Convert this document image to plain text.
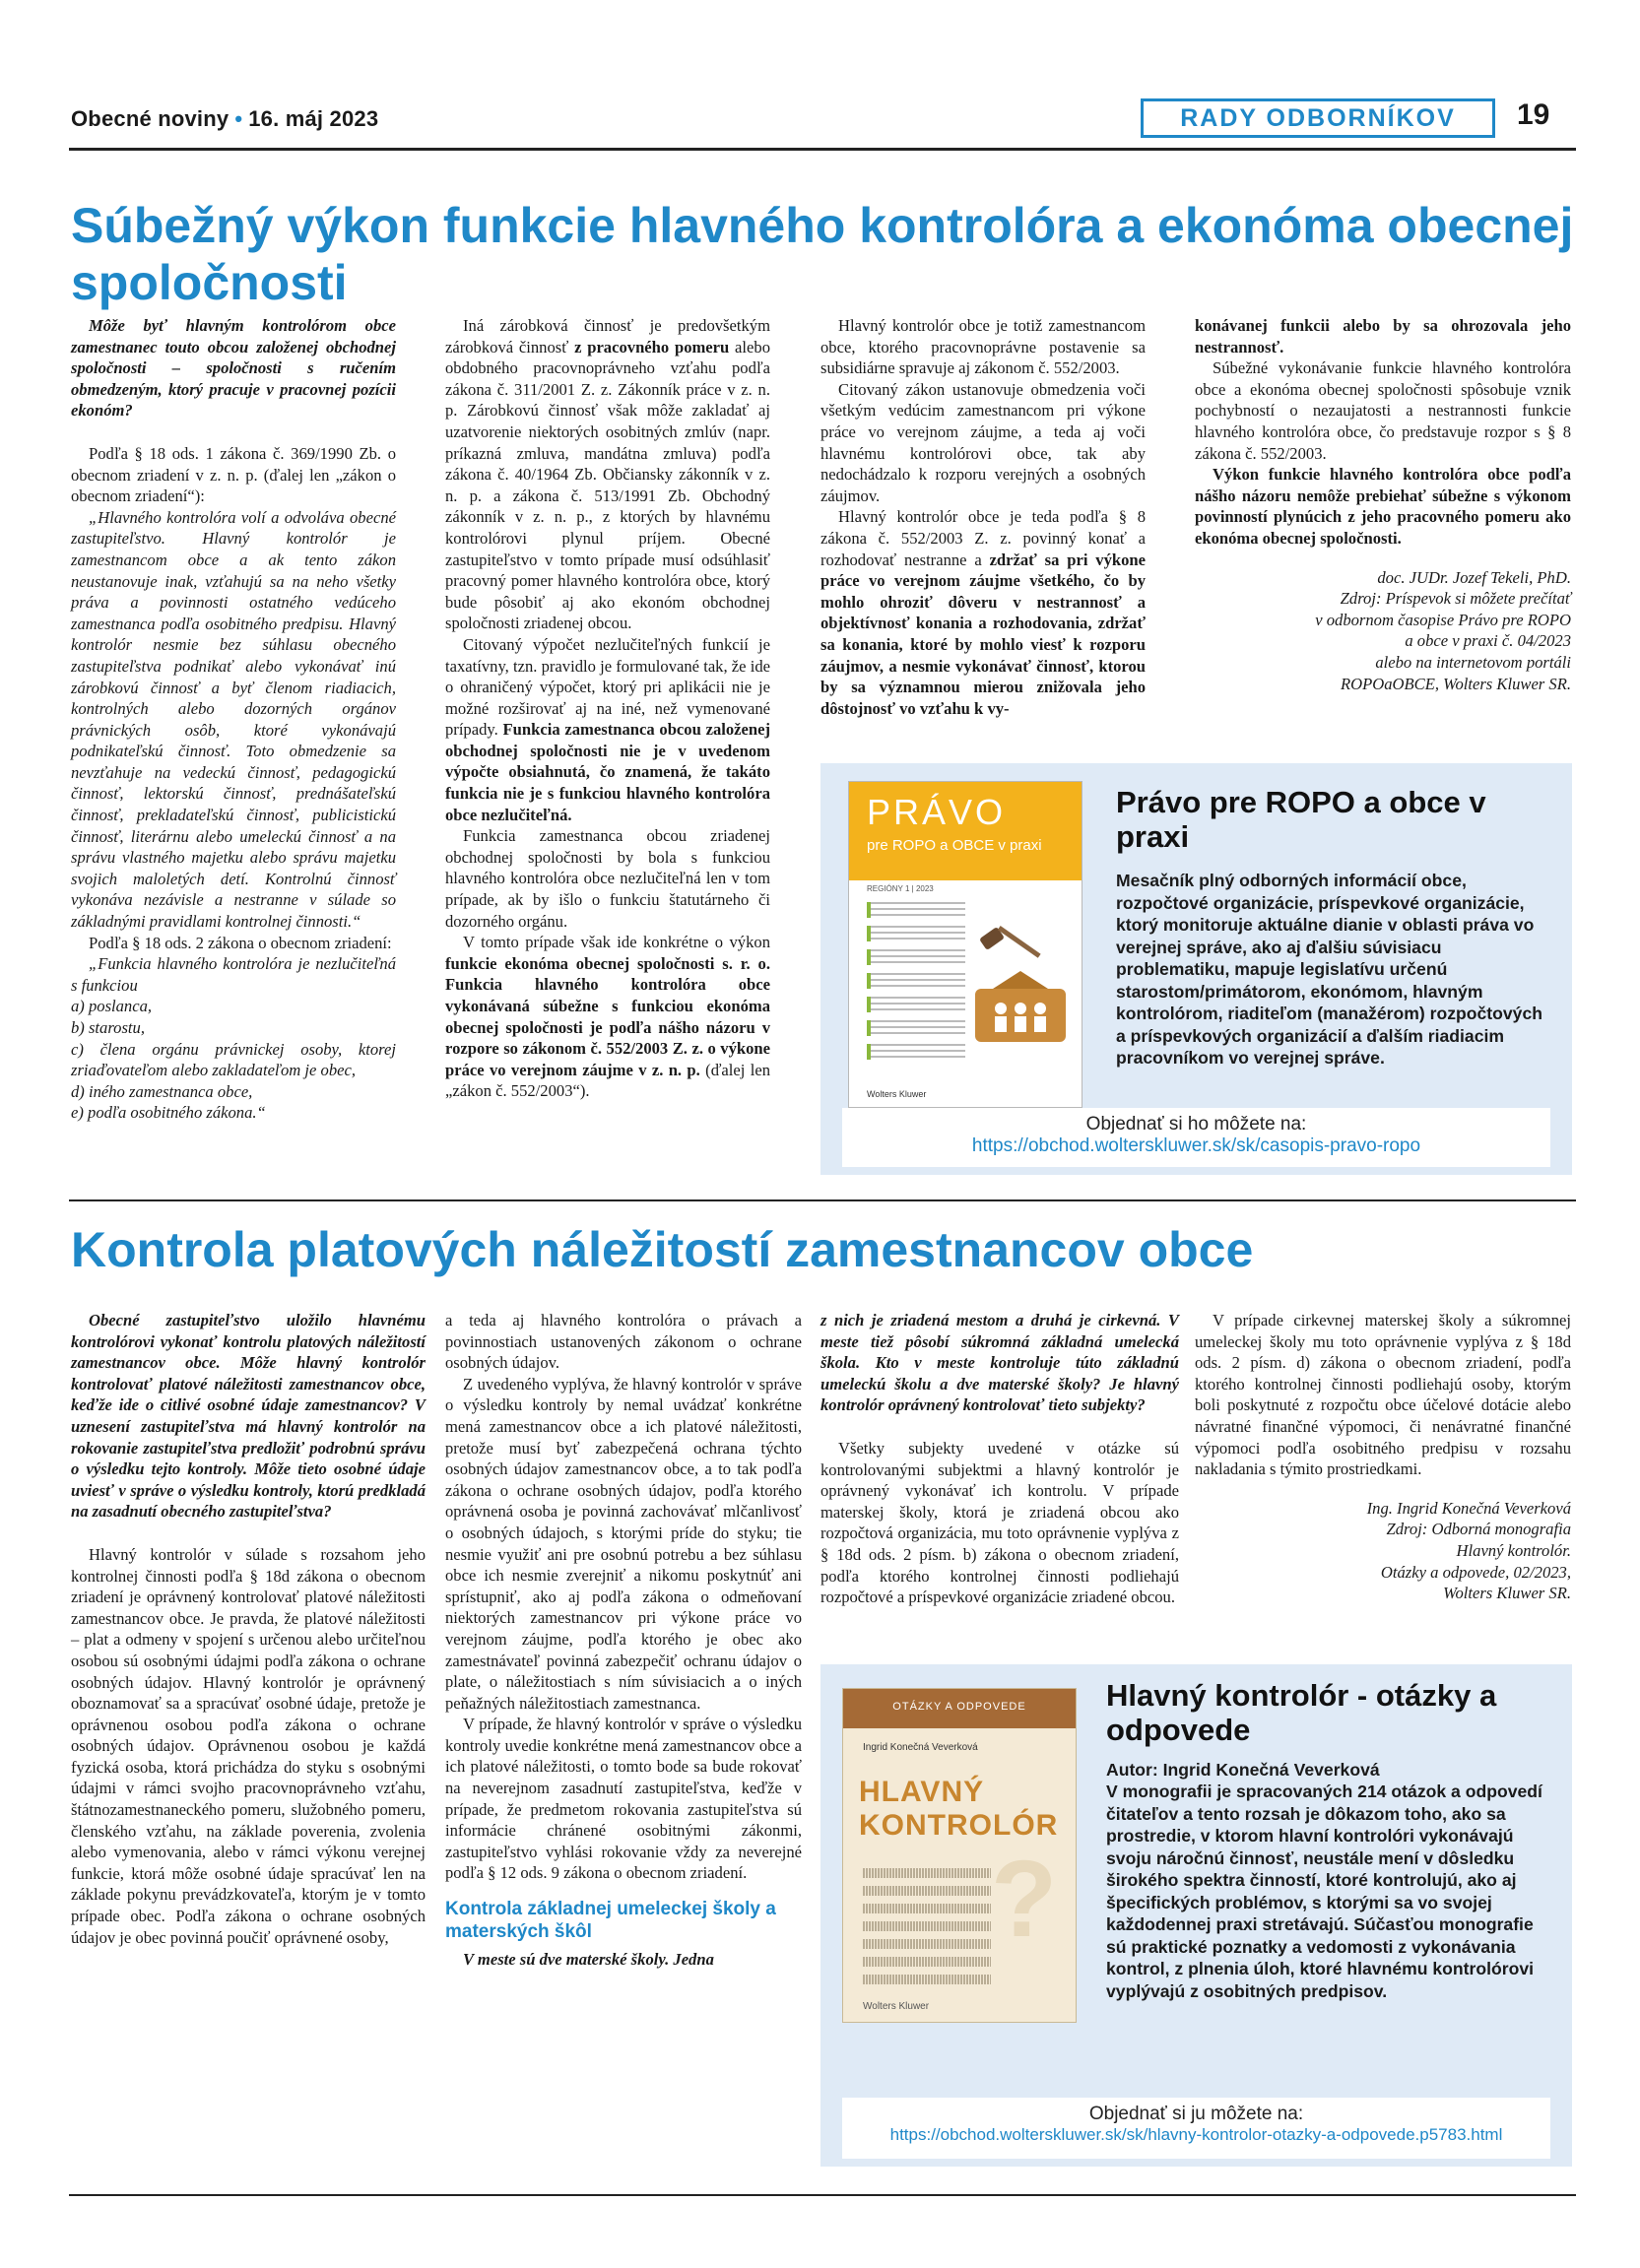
Obecné noviny • 16. máj 2023	RADY ODBORNÍKOV	19
Súbežný výkon funkcie hlavného kontrolóra a ekonóma obecnej spoločnosti

Môže byť hlavným kontrolórom obce zamestnanec touto obcou založenej obchodnej spoločnosti – spoločnosti s ručením obmedzeným, ktorý pracuje v pracovnej pozícii ekonóm?

Podľa § 18 ods. 1 zákona č. 369/1990 Zb. o obecnom zriadení v z. n. p. (ďalej len „zákon o obecnom zriadení“):

„Hlavného kontrolóra volí a odvoláva obecné zastupiteľstvo. Hlavný kontrolór je zamestnancom obce a ak tento zákon neustanovuje inak, vzťahujú sa na neho všetky práva a povinnosti ostatného vedúceho zamestnanca podľa osobitného predpisu. Hlavný kontrolór nesmie bez súhlasu obecného zastupiteľstva podnikať alebo vykonávať inú zárobkovú činnosť a byť členom riadiacich, kontrolných alebo dozorných orgánov právnických osôb, ktoré vykonávajú podnikateľskú činnosť. Toto obmedzenie sa nevzťahuje na vedeckú činnosť, pedagogickú činnosť, lektorskú činnosť, prednášateľskú činnosť, prekladateľskú činnosť, publicistickú činnosť, literárnu alebo umeleckú činnosť a na správu vlastného majetku alebo správu majetku svojich maloletých detí. Kontrolnú činnosť vykonáva nezávisle a nestranne v súlade so základnými pravidlami kontrolnej činnosti.“

Podľa § 18 ods. 2 zákona o obecnom zriadení:

„Funkcia hlavného kontrolóra je nezlučiteľná s funkciou

a) poslanca,

b) starostu,

c) člena orgánu právnickej osoby, ktorej zriaďovateľom alebo zakladateľom je obec,

d) iného zamestnanca obce,

e) podľa osobitného zákona.“

Iná zárobková činnosť je predovšetkým zárobková činnosť z pracovného pomeru alebo obdobného pracovnoprávneho vzťahu podľa zákona č. 311/2001 Z. z. Zákonník práce v z. n. p. Zárobkovú činnosť však môže zakladať aj uzatvorenie niektorých osobitných zmlúv (napr. príkazná zmluva, mandátna zmluva) podľa zákona č. 40/1964 Zb. Občiansky zákonník v z. n. p. a zákona č. 513/1991 Zb. Obchodný zákonník v z. n. p., z ktorých by hlavnému kontrolórovi plynul príjem. Obecné zastupiteľstvo v tomto prípade musí odsúhlasiť pracovný pomer hlavného kontrolóra obce, ktorý bude pôsobiť aj ako ekonóm obchodnej spoločnosti zriadenej obcou.

Citovaný výpočet nezlučiteľných funkcií je taxatívny, tzn. pravidlo je formulované tak, že ide o ohraničený výpočet, ktorý pri aplikácii nie je možné rozširovať aj na iné, než vymenované prípady. Funkcia zamestnanca obcou založenej obchodnej spoločnosti nie je v uvedenom výpočte obsiahnutá, čo znamená, že takáto funkcia nie je s funkciou hlavného kontrolóra obce nezlučiteľná.

Funkcia zamestnanca obcou zriadenej obchodnej spoločnosti by bola s funkciou hlavného kontrolóra obce nezlučiteľná len v tom prípade, ak by išlo o funkciu štatutárneho či dozorného orgánu.

V tomto prípade však ide konkrétne o výkon funkcie ekonóma obecnej spoločnosti s. r. o. Funkcia hlavného kontrolóra obce vykonávaná súbežne s funkciou ekonóma obecnej spoločnosti je podľa nášho názoru v rozpore so zákonom č. 552/2003 Z. z. o výkone práce vo verejnom záujme v z. n. p. (ďalej len „zákon č. 552/2003“).

Hlavný kontrolór obce je totiž zamestnancom obce, ktorého pracovnoprávne postavenie sa subsidiárne spravuje aj zákonom č. 552/2003.

Citovaný zákon ustanovuje obmedzenia voči všetkým vedúcim zamestnancom pri výkone práce vo verejnom záujme, a teda aj voči hlavnému kontrolórovi obce, tak aby nedochádzalo k rozporu verejných a osobných záujmov.

Hlavný kontrolór obce je teda podľa § 8 zákona č. 552/2003 Z. z. povinný konať a rozhodovať nestranne a zdržať sa pri výkone práce vo verejnom záujme všetkého, čo by mohlo ohroziť dôveru v nestrannosť a objektívnosť konania a rozhodovania, zdržať sa konania, ktoré by mohlo viesť k rozporu záujmov, a nesmie vykonávať činnosť, ktorou by sa významnou mierou znižovala jeho dôstojnosť vo vzťahu k vy-

konávanej funkcii alebo by sa ohrozovala jeho nestrannosť.

Súbežné vykonávanie funkcie hlavného kontrolóra obce a ekonóma obecnej spoločnosti spôsobuje vznik pochybností o nezaujatosti a nestrannosti funkcie hlavného kontrolóra obce, čo predstavuje rozpor s § 8 zákona č. 552/2003.

Výkon funkcie hlavného kontrolóra obce podľa nášho názoru nemôže prebiehať súbežne s výkonom povinností plynúcich z jeho pracovného pomeru ako ekonóma obecnej spoločnosti.

doc. JUDr. Jozef Tekeli, PhD.

Zdroj: Príspevok si môžete prečítať

v odbornom časopise Právo pre ROPO

a obce v praxi č. 04/2023

alebo na internetovom portáli

ROPOaOBCE, Wolters Kluwer SR.

PRÁVO
pre ROPO a OBCE v praxi
REGIÓNY 1 | 2023
Wolters Kluwer
Právo pre ROPO a obce v praxi

Mesačník plný odborných informácií obce, rozpočtové organizácie, príspevkové organizácie, ktorý monitoruje aktuálne dianie v oblasti práva vo verejnej správe, ako aj ďalšiu súvisiacu problematiku, mapuje legislatívu určenú starostom/primátorom, ekonómom, hlavným kontrolórom, riaditeľom (manažérom) rozpočtových a príspevkových organizácií a ďalším riadiacim pracovníkom vo verejnej správe.

Objednať si ho môžete na:
https://obchod.wolterskluwer.sk/sk/casopis-pravo-ropo
Kontrola platových náležitostí zamestnancov obce

Obecné zastupiteľstvo uložilo hlavnému kontrolórovi vykonať kontrolu platových náležitostí zamestnancov obce. Môže hlavný kontrolór kontrolovať platové náležitosti zamestnancov obce, keďže ide o citlivé osobné údaje zamestnancov? V uznesení zastupiteľstva má hlavný kontrolór na rokovanie zastupiteľstva predložiť podrobnú správu o výsledku tejto kontroly. Môže tieto osobné údaje uviesť v správe o výsledku kontroly, ktorú predkladá na zasadnutí obecného zastupiteľstva?

Hlavný kontrolór v súlade s rozsahom jeho kontrolnej činnosti podľa § 18d zákona o obecnom zriadení je oprávnený kontrolovať platové náležitosti zamestnancov obce. Je pravda, že platové náležitosti – plat a odmeny v spojení s určenou alebo určiteľnou osobou sú osobnými údajmi podľa zákona o ochrane osobných údajov. Hlavný kontrolór je oprávnený oboznamovať sa a spracúvať osobné údaje, pretože je oprávnenou osobou podľa zákona o ochrane osobných údajov. Oprávnenou osobou je každá fyzická osoba, ktorá prichádza do styku s osobnými údajmi v rámci svojho pracovnoprávneho vzťahu, štátnozamestnaneckého pomeru, služobného pomeru, členského vzťahu, na základe poverenia, zvolenia alebo vymenovania, alebo v rámci výkonu verejnej funkcie, ktorá môže osobné údaje spracúvať len na základe pokynu prevádzkovateľa, ktorým je v tomto prípade obec. Podľa zákona o ochrane osobných údajov je obec povinná poučiť oprávnené osoby,

a teda aj hlavného kontrolóra o právach a povinnostiach ustanovených zákonom o ochrane osobných údajov.

Z uvedeného vyplýva, že hlavný kontrolór v správe o výsledku kontroly by nemal uvádzať konkrétne mená zamestnancov obce a ich platové náležitosti, pretože musí byť zabezpečená ochrana týchto osobných údajov zamestnancov obce, a to tak podľa zákona o ochrane osobných údajov, podľa ktorého oprávnená osoba je povinná zachovávať mlčanlivosť o osobných údajoch, s ktorými príde do styku; tie nesmie využiť ani pre osobnú potrebu a bez súhlasu obce ich nesmie zverejniť a nikomu poskytnúť ani sprístupniť, ako aj podľa zákona o odmeňovaní niektorých zamestnancov pri výkone práce vo verejnom záujme, podľa ktorého je obec ako zamestnávateľ povinná zabezpečiť ochranu údajov o plate, o náležitostiach s ním súvisiacich a o iných peňažných náležitostiach zamestnanca.

V prípade, že hlavný kontrolór v správe o výsledku kontroly uvedie konkrétne mená zamestnancov obce a ich platové náležitosti, o tomto bode sa bude rokovať na neverejnom zasadnutí zastupiteľstva, keďže v prípade, že predmetom rokovania zastupiteľstva sú informácie chránené osobitnými zákonmi, zastupiteľstvo vyhlási rokovanie vždy za neverejné podľa § 12 ods. 9 zákona o obecnom zriadení.

Kontrola základnej umeleckej školy a materských škôl

V meste sú dve materské školy. Jedna

z nich je zriadená mestom a druhá je cirkevná. V meste tiež pôsobí súkromná základná umelecká škola. Kto v meste kontroluje túto základnú umeleckú školu a dve materské školy? Je hlavný kontrolór oprávnený kontrolovať tieto subjekty?

Všetky subjekty uvedené v otázke sú kontrolovanými subjektmi a hlavný kontrolór je oprávnený vykonávať ich kontrolu. V prípade materskej školy, ktorá je zriadená obcou ako rozpočtová organizácia, mu toto oprávnenie vyplýva z § 18d ods. 2 písm. b) zákona o obecnom zriadení, podľa ktorého kontrolnej činnosti podliehajú rozpočtové a príspevkové organizácie zriadené obcou.

V prípade cirkevnej materskej školy a súkromnej umeleckej školy mu toto oprávnenie vyplýva z § 18d ods. 2 písm. d) zákona o obecnom zriadení, podľa ktorého kontrolnej činnosti podliehajú osoby, ktorým boli poskytnuté z rozpočtu obce účelové dotácie alebo návratné finančné výpomoci, či nenávratné finančné výpomoci podľa osobitného predpisu v rozsahu nakladania s týmito prostriedkami.

Ing. Ingrid Konečná Veverková

Zdroj: Odborná monografia

Hlavný kontrolór.

Otázky a odpovede, 02/2023,

Wolters Kluwer SR.

OTÁZKY A ODPOVEDE
Ingrid Konečná Veverková
?
HLAVNÝ
KONTROLÓR
Wolters Kluwer
Hlavný kontrolór - otázky a odpovede

Autor: Ingrid Konečná Veverková

V monografii je spracovaných 214 otázok a odpovedí čitateľov a tento rozsah je dôkazom toho, ako sa prostredie, v ktorom hlavní kontrolóri vykonávajú svoju náročnú činnosť, neustále mení v dôsledku širokého spektra činností, ktoré kontrolujú, ako aj špecifických problémov, s ktorými sa vo svojej každodennej praxi stretávajú. Súčasťou monografie sú praktické poznatky a vedomosti z vykonávania kontrol, z plnenia úloh, ktoré hlavnému kontrolórovi vyplývajú z osobitných predpisov.

Objednať si ju môžete na:
https://obchod.wolterskluwer.sk/sk/hlavny-kontrolor-otazky-a-odpovede.p5783.html
